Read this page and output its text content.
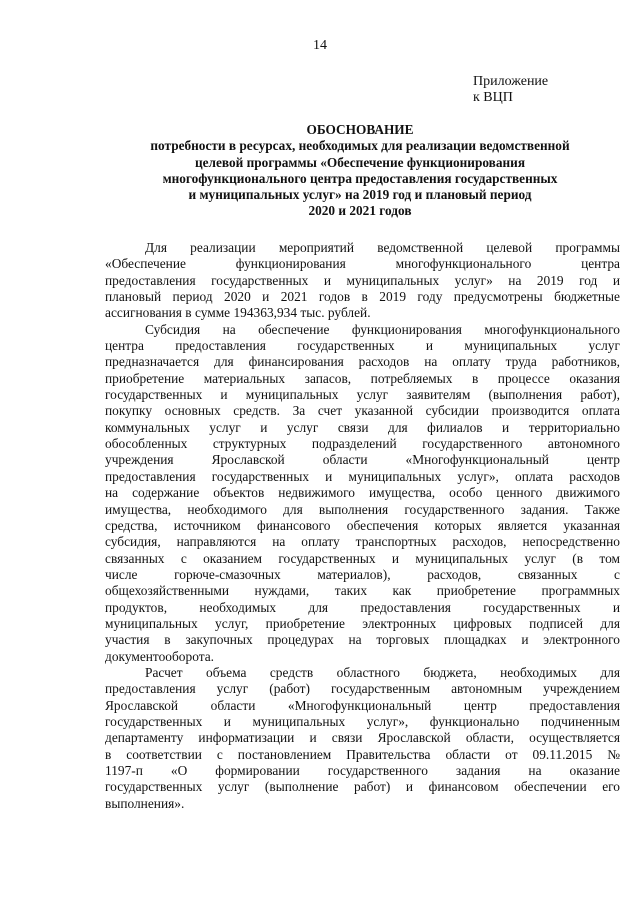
14
Приложение
к ВЦП
ОБОСНОВАНИЕ
потребности в ресурсах, необходимых для реализации ведомственной
целевой программы «Обеспечение функционирования
многофункционального центра предоставления государственных
и муниципальных услуг» на 2019 год и плановый период
2020 и 2021 годов

Для реализации мероприятий ведомственной целевой программы
«Обеспечение функционирования многофункционального центра
предоставления государственных и муниципальных услуг» на 2019 год и
плановый период 2020 и 2021 годов в 2019 году предусмотрены бюджетные
ассигнования в сумме 194363,934 тыс. рублей.

Субсидия на обеспечение функционирования многофункционального
центра предоставления государственных и муниципальных услуг
предназначается для финансирования расходов на оплату труда работников,
приобретение материальных запасов, потребляемых в процессе оказания
государственных и муниципальных услуг заявителям (выполнения работ),
покупку основных средств. За счет указанной субсидии производится оплата
коммунальных услуг и услуг связи для филиалов и территориально
обособленных структурных подразделений государственного автономного
учреждения Ярославской области «Многофункциональный центр
предоставления государственных и муниципальных услуг», оплата расходов
на содержание объектов недвижимого имущества, особо ценного движимого
имущества, необходимого для выполнения государственного задания. Также
средства, источником финансового обеспечения которых является указанная
субсидия, направляются на оплату транспортных расходов, непосредственно
связанных с оказанием государственных и муниципальных услуг (в том
числе горюче-смазочных материалов), расходов, связанных с
общехозяйственными нуждами, таких как приобретение программных
продуктов, необходимых для предоставления государственных и
муниципальных услуг, приобретение электронных цифровых подписей для
участия в закупочных процедурах на торговых площадках и электронного
документооборота.

Расчет объема средств областного бюджета, необходимых для
предоставления услуг (работ) государственным автономным учреждением
Ярославской области «Многофункциональный центр предоставления
государственных и муниципальных услуг», функционально подчиненным
департаменту информатизации и связи Ярославской области, осуществляется
в соответствии с постановлением Правительства области от 09.11.2015 №
1197-п «О формировании государственного задания на оказание
государственных услуг (выполнение работ) и финансовом обеспечении его
выполнения».
